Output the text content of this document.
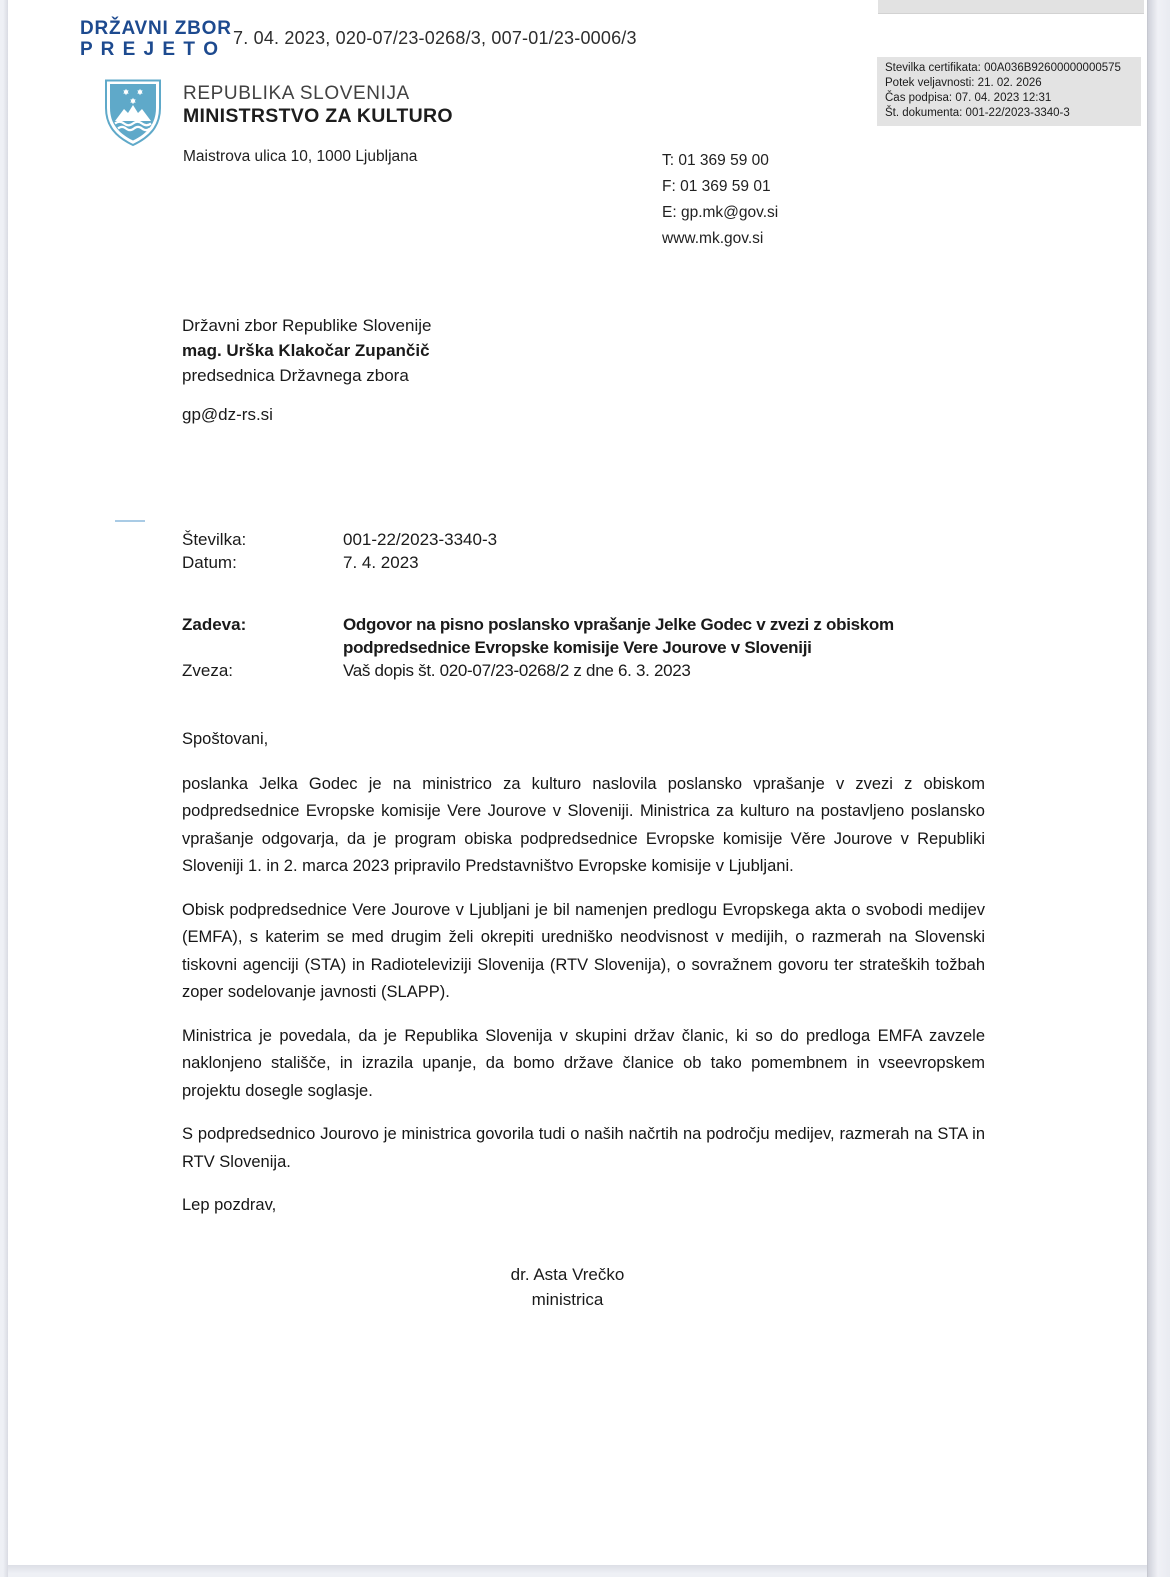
DRŽAVNI ZBOR
P R E J E T O
7. 04. 2023, 020-07/23-0268/3, 007-01/23-0006/3
Stevilka certifikata: 00A036B92600000000575
Potek veljavnosti: 21. 02. 2026
Čas podpisa: 07. 04. 2023 12:31
Št. dokumenta: 001-22/2023-3340-3
REPUBLIKA SLOVENIJA
MINISTRSTVO ZA KULTURO
Maistrova ulica 10, 1000 Ljubljana	T: 01 369 59 00
F: 01 369 59 01
E: gp.mk@gov.si
www.mk.gov.si
Državni zbor Republike Slovenije
mag. Urška Klakočar Zupančič
predsednica Državnega zbora
gp@dz-rs.si
Številka:	001-22/2023-3340-3
Datum:	7. 4. 2023
Zadeva:	Odgovor na pisno poslansko vprašanje Jelke Godec v zvezi z obiskom podpredsednice Evropske komisije Vere Jourove v Sloveniji
Zveza:	Vaš dopis št. 020-07/23-0268/2 z dne 6. 3. 2023
Spoštovani,

poslanka Jelka Godec je na ministrico za kulturo naslovila poslansko vprašanje v zvezi z obiskom podpredsednice Evropske komisije Vere Jourove v Sloveniji. Ministrica za kulturo na postavljeno poslansko vprašanje odgovarja, da je program obiska podpredsednice Evropske komisije Věre Jourove v Republiki Sloveniji 1. in 2. marca 2023 pripravilo Predstavništvo Evropske komisije v Ljubljani.

Obisk podpredsednice Vere Jourove v Ljubljani je bil namenjen predlogu Evropskega akta o svobodi medijev (EMFA), s katerim se med drugim želi okrepiti uredniško neodvisnost v medijih, o razmerah na Slovenski tiskovni agenciji (STA) in Radioteleviziji Slovenija (RTV Slovenija), o sovražnem govoru ter strateških tožbah zoper sodelovanje javnosti (SLAPP).

Ministrica je povedala, da je Republika Slovenija v skupini držav članic, ki so do predloga EMFA zavzele naklonjeno stališče, in izrazila upanje, da bomo države članice ob tako pomembnem in vseevropskem projektu dosegle soglasje.

S podpredsednico Jourovo je ministrica govorila tudi o naših načrtih na področju medijev, razmerah na STA in RTV Slovenija.

Lep pozdrav,
dr. Asta Vrečko
ministrica
